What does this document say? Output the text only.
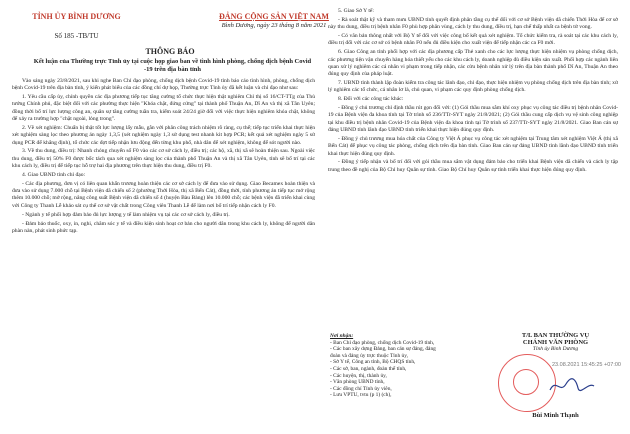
TỈNH ỦY BÌNH DƯƠNG
Số 185 -TB/TU
ĐẢNG CỘNG SẢN VIỆT NAM
Bình Dương, ngày 23 tháng 8 năm 2021
THÔNG BÁO
Kết luận của Thường trực Tỉnh ủy tại cuộc họp giao ban về tình hình phòng, chống dịch bệnh Covid -19 trên địa bàn tỉnh

Vào sáng ngày 23/8/2021, sau khi nghe Ban Chỉ đạo phòng, chống dịch bệnh Covid-19 tỉnh báo cáo tình hình, phòng, chống dịch bệnh Covid-19 trên địa bàn tỉnh, ý kiến phát biểu của các đồng chí dự họp, Thường trực Tỉnh ủy đã kết luận và chỉ đạo như sau:

1. Yêu cầu cấp ủy, chính quyền các địa phương tiếp tục tăng cường tổ chức thực hiện thật nghiêm Chỉ thị số 16/CT-TTg của Thủ tướng Chính phủ, đặc biệt đối với các phường thực hiện "Khóa chặt, đứng cứng" tại thành phố Thuận An, Dĩ An và thị xã Tân Uyên; đồng thời bổ trí lực lượng công an, quân sự tăng cường tuần tra, kiểm soát 24/24 giờ đối với việc thực hiện nghiêm khóa chặt, không để xảy ra trường hợp "chặt ngoài, lỏng trong".

2. Về xét nghiệm: Chuẩn bị thật tốt lực lượng lấy mẫu, gắn với phân công trách nhiệm rõ ràng, cụ thể; tiếp tục triển khai thực hiện xét nghiệm sàng lọc theo phương án ngày 1,3,5 (xét nghiệm ngày 1,3 sử dụng test nhanh kit hợp PCR; kết quả xét nghiệm ngày 5 sử dụng PCR để khẳng định), tổ chức các đợt tiếp nhận lưu động đến từng khu phố, nhà dân để xét nghiệm, không để sót người nào.

3. Về thu dung, điều trị: Nhanh chóng chuyển số F0 vào các cơ sở cách ly, điều trị; các hộ, xã, thị xã sẽ hoàn thiện sau. Ngoài việc thu dung, điều trị 50% F0 được bốc tách qua xét nghiệm sàng lọc của thành phố Thuận An và thị xã Tân Uyên, tỉnh sẽ bố trí tại các khu cách ly, điều trị để tiếp tục hỗ trợ hai địa phương trên thực hiện thu dung, điều trị F0.

4. Giao UBND tỉnh chỉ đạo:

- Các địa phương, đơn vị có liên quan khẩn trương hoàn thiện các cơ sở cách ly để đưa vào sử dụng. Giao Becamex hoàn thiện và đưa vào sử dụng 7.000 chỗ tại Bệnh viện dã chiến số 2 (phường Thới Hòa, thị xã Bến Cát), đồng thời, tính phương án tiếp tục mở rộng thêm 10.000 chỗ; mở rộng, nâng công suất Bệnh viện dã chiến số 4 (huyện Bàu Bàng) lên 10.000 chỗ; các bệnh viện đã triển khai cùng với Công ty Thanh Lễ khảo sát cụ thể cơ sở vật chất trong Công viên Thanh Lễ để làm nơi bố trí tiếp nhận cách ly F0.

- Ngành y tế phối hợp đảm bảo đủ lực lượng y tế làm nhiệm vụ tại các cơ sở cách ly, điều trị.

- Đảm bảo thuốc, oxy, in, nghi, chăm sóc y tế và điều kiện sinh hoạt cơ bản cho người dân trong khu cách ly, không để người dân phàn nàn, phát sinh phức tạp.

5. Giao Sở Y tế:

- Rà soát thật kỹ và tham mưu UBND tỉnh quyết định phân tầng cụ thể đối với cơ sở Bệnh viện dã chiến Thới Hòa để cơ sở này thu dung, điều trị bệnh nhân F0 phù hợp phân vùng, cách ly thu dung, điều trị, hạn chế thấp nhất ca bệnh tử vong.

- Có văn bản thông nhất với Bộ Y tế đối với việc công bố kết quả xét nghiệm. Tổ chức kiểm tra, rà soát tại các khu cách ly, điều trị đối với các cơ sở có bệnh nhân F0 nếu đủ điều kiện cho xuất viện để tiếp nhận các ca F0 mới.

6. Giao Công an tỉnh phối hợp với các địa phương cấp Thẻ xanh cho các lực lượng thực hiện nhiệm vụ phòng chống dịch, các phương tiện vận chuyển hàng hóa thiết yếu cho các khu cách ly, doanh nghiệp đủ điều kiện sản xuất. Phối hợp các ngành liên quan xử lý nghiêm các cá nhân vi phạm trong tiếp nhận, các cửu bệnh nhân xử lý trên địa bàn thành phố Dĩ An, Thuận An theo đúng quy định của pháp luật.

7. UBND tỉnh thành lập đoàn kiểm tra công tác lãnh đạo, chỉ đạo, thực hiện nhiệm vụ phòng chống dịch trên địa bàn tỉnh; xử lý nghiêm các tổ chức, cá nhân lơ là, chủ quan, vi phạm các quy định phòng chống dịch.

8. Đối với các công tác khác:

- Đồng ý chủ trương chỉ định thầu rút gọn đối với: (1) Gói thầu mua sắm khí oxy phục vụ công tác điều trị bệnh nhân Covid-19 của Bệnh viện đa khoa tỉnh tại Tờ trình số 236/TTr-SYT ngày 21/8/2021; (2) Gói thầu cung cấp dịch vụ vệ sinh công nghiệp tại khu điều trị bệnh nhân Covid-19 của Bệnh viện đa khoa tỉnh tại Tờ trình số 237/TTr-SYT ngày 21/8/2021. Giao Ban cán sự đảng UBND tỉnh lãnh đạo UBND tỉnh triển khai thực hiện đúng quy định.

- Đồng ý chủ trương mua hóa chất của Công ty Việt Á phục vụ công tác xét nghiệm tại Trung tâm xét nghiệm Việt Á (thị xã Bến Cát) để phục vụ công tác phòng, chống dịch trên địa bàn tỉnh. Giao Ban cán sự đảng UBND tỉnh lãnh đạo UBND tỉnh triển khai thực hiện đúng quy định.

- Đồng ý tiếp nhận và bố trí đối với gói thầu mua sắm vật dụng đảm bảo cho triển khai Bệnh viện dã chiến và cách ly tập trung theo đề nghị của Bộ Chỉ huy Quân sự tỉnh. Giao Bộ Chỉ huy Quân sự tỉnh triển khai thực hiện đúng quy định.

Nơi nhận:
- Ban Chỉ đạo phòng, chống dịch Covid-19 tỉnh,
- Các ban xây dựng Đảng, ban cán sự đảng, đảng
đoàn và đảng ủy trực thuộc Tỉnh ủy,
- Sở Y tế, Công an tỉnh, Bộ CHQS tỉnh,
- Các sở, ban, ngành, đoàn thể tỉnh,
- Các huyện, thị, thành ủy,
- Văn phòng UBND tỉnh,
- Các đồng chí Tỉnh ủy viên,
- Lưu VPTU, tvtu (p 1) (ch),
T/L BAN THƯỜNG VỤ
CHÁNH VĂN PHÒNG
Tỉnh ủy Bình Dương
23.08.2021 15:45:25 +07:00
Bùi Minh Thạnh
